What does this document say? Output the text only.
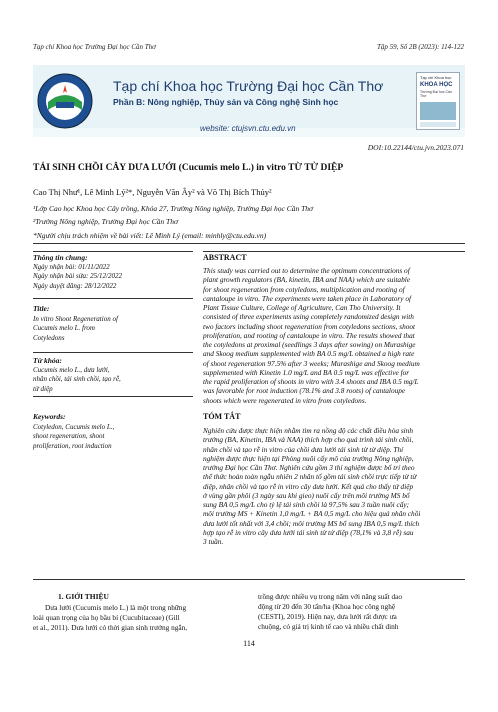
Tạp chí Khoa học Trường Đại học Cần Thơ	Tập 59, Số 2B (2023): 114-122
Tạp chí Khoa học Trường Đại học Cần Thơ
Phần B: Nông nghiệp, Thủy sản và Công nghệ Sinh học
website: ctujsvn.ctu.edu.vn
Tạp chí Khoa học
KHOA HỌC
Trường Đại học Cần Thơ
DOI:10.22144/ctu.jvn.2023.071
TÁI SINH CHỒI CÂY DƯA LƯỚI (Cucumis melo L.) in vitro TỪ TỬ DIỆP
Cao Thị Như¹, Lê Minh Lý²*, Nguyễn Văn Ây² và Võ Thị Bích Thủy²
¹Lớp Cao học Khoa học Cây trồng, Khóa 27, Trường Nông nghiệp, Trường Đại học Cần Thơ
²Trường Nông nghiệp, Trường Đại học Cần Thơ
*Người chịu trách nhiệm về bài viết: Lê Minh Lý (email: minhly@ctu.edu.vn)
Thông tin chung:
Ngày nhận bài: 01/11/2022
Ngày nhận bài sửa: 25/12/2022
Ngày duyệt đăng: 28/12/2022
Title:
In vitro Shoot Regeneration of
Cucumis melo L. from
Cotyledons
Từ khóa:
Cucumis melo L., dưa lưới,
nhân chồi, tái sinh chồi, tạo rễ,
tử diệp
Keywords:
Cotyledon, Cucumis melo L.,
shoot regeneration, shoot
proliferation, root induction
ABSTRACT
This study was carried out to determine the optimum concentrations of
plant growth regulators (BA, kinetin, IBA and NAA) which are suitable
for shoot regeneration from cotyledons, multiplication and rooting of
cantaloupe in vitro. The experiments were taken place in Laboratory of
Plant Tissue Culture, College of Agriculture, Can Tho University. It
consisted of three experiments using completely randomized design with
two factors including shoot regeneration from cotyledons sections, shoot
proliferation, and rooting of cantaloupe in vitro. The results showed that
the cotyledons at proximal (seedlings 3 days after sowing) on Murashige
and Skoog medium supplemented with BA 0.5 mg/L obtained a high rate
of shoot regeneration 97.5% after 3 weeks; Murashige and Skoog medium
supplemented with Kinetin 1.0 mg/L and BA 0.5 mg/L was effective for
the rapid proliferation of shoots in vitro with 3.4 shoots and IBA 0.5 mg/L
was favorable for root induction (78.1% and 3.8 roots) of cantaloupe
shoots which were regenerated in vitro from cotyledons.
TÓM TẮT
Nghiên cứu được thực hiện nhằm tìm ra nồng độ các chất điều hòa sinh
trưởng (BA, Kinetin, IBA và NAA) thích hợp cho quá trình tái sinh chồi,
nhân chồi và tạo rễ in vitro của chồi dưa lưới tái sinh từ tử diệp. Thí
nghiệm được thực hiện tại Phòng nuôi cấy mô của trường Nông nghiệp,
trường Đại học Cần Thơ. Nghiên cứu gồm 3 thí nghiệm được bố trí theo
thể thức hoàn toàn ngẫu nhiên 2 nhân tố gồm tái sinh chồi trực tiếp từ tử
diệp, nhân chồi và tạo rễ in vitro cây dưa lưới. Kết quả cho thấy tử diệp
ở vùng gần phôi (3 ngày sau khi gieo) nuôi cấy trên môi trường MS bổ
sung BA 0,5 mg/L cho tỷ lệ tái sinh chồi là 97,5% sau 3 tuần nuôi cấy;
môi trường MS + Kinetin 1,0 mg/L + BA 0,5 mg/L cho hiệu quả nhân chồi
dưa lưới tốt nhất với 3,4 chồi; môi trường MS bổ sung IBA 0,5 mg/L thích
hợp tạo rễ in vitro cây dưa lưới tái sinh từ tử diệp (78,1% và 3,8 rễ) sau
3 tuần.
1. GIỚI THIỆU
Dưa lưới (Cucumis melo L.) là một trong những
loài quan trọng của họ bầu bí (Cucubitaceae) (Gill
et al., 2011). Dưa lưới có thời gian sinh trưởng ngắn,
trồng được nhiều vụ trong năm với năng suất dao
động từ 20 đến 30 tấn/ha (Khoa học công nghệ
(CESTI), 2019). Hiện nay, dưa lưới rất được ưa
chuộng, có giá trị kinh tế cao và nhiều chất dinh
114
